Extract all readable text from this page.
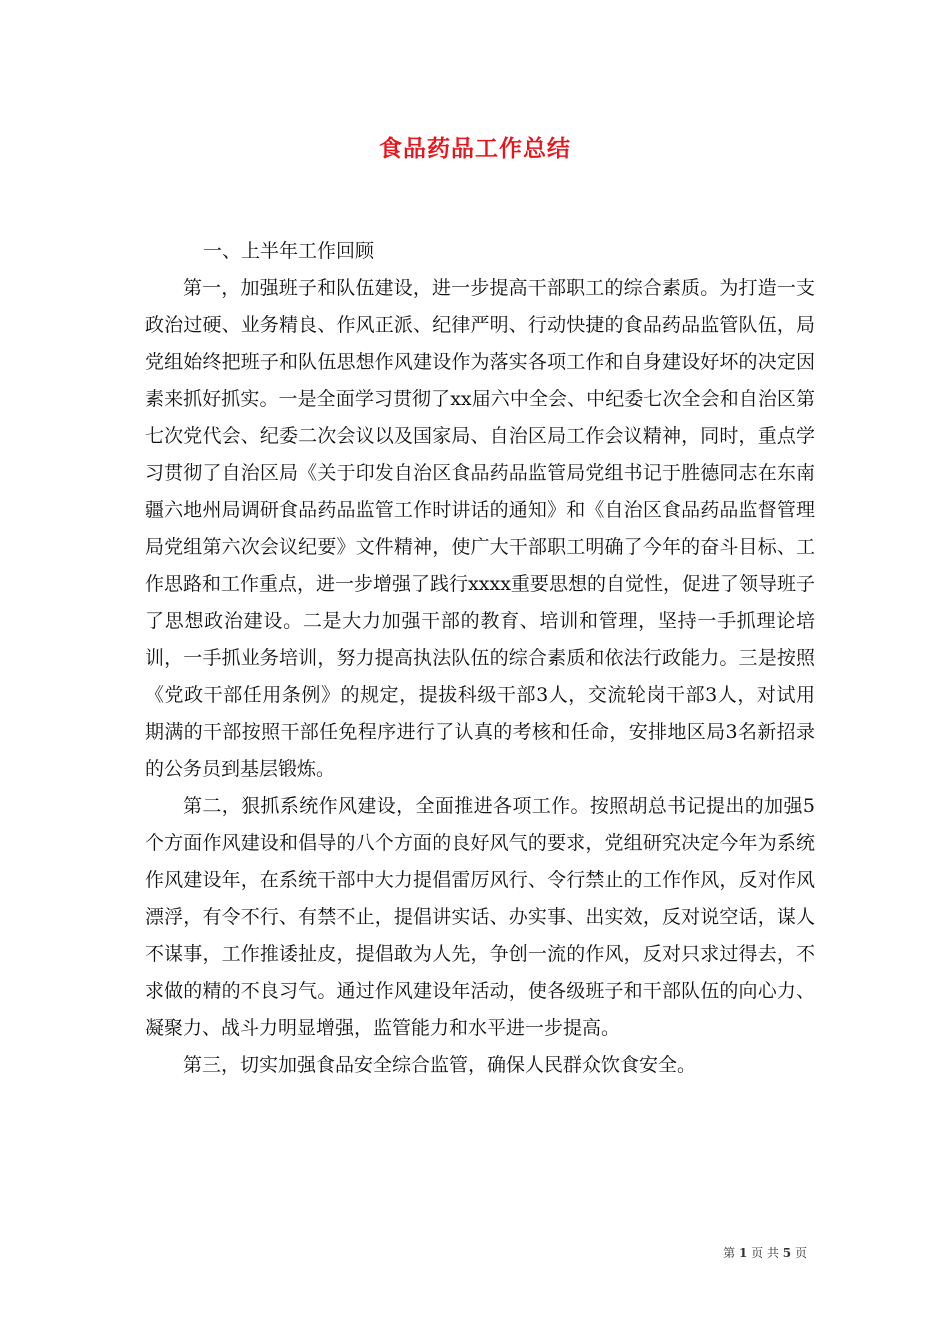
食品药品工作总结

一、上半年工作回顾

第一，加强班子和队伍建设，进一步提高干部职工的综合素质。为打造一支政治过硬、业务精良、作风正派、纪律严明、行动快捷的食品药品监管队伍，局党组始终把班子和队伍思想作风建设作为落实各项工作和自身建设好坏的决定因素来抓好抓实。一是全面学习贯彻了xx届六中全会、中纪委七次全会和自治区第七次党代会、纪委二次会议以及国家局、自治区局工作会议精神，同时，重点学习贯彻了自治区局《关于印发自治区食品药品监管局党组书记于胜德同志在东南疆六地州局调研食品药品监管工作时讲话的通知》和《自治区食品药品监督管理局党组第六次会议纪要》文件精神，使广大干部职工明确了今年的奋斗目标、工作思路和工作重点，进一步增强了践行xxxx重要思想的自觉性，促进了领导班子了思想政治建设。二是大力加强干部的教育、培训和管理，坚持一手抓理论培训，一手抓业务培训，努力提高执法队伍的综合素质和依法行政能力。三是按照《党政干部任用条例》的规定，提拔科级干部3人，交流轮岗干部3人，对试用期满的干部按照干部任免程序进行了认真的考核和任命，安排地区局3名新招录的公务员到基层锻炼。

第二，狠抓系统作风建设，全面推进各项工作。按照胡总书记提出的加强5个方面作风建设和倡导的八个方面的良好风气的要求，党组研究决定今年为系统作风建设年，在系统干部中大力提倡雷厉风行、令行禁止的工作作风，反对作风漂浮，有令不行、有禁不止，提倡讲实话、办实事、出实效，反对说空话，谋人不谋事，工作推诿扯皮，提倡敢为人先，争创一流的作风，反对只求过得去，不求做的精的不良习气。通过作风建设年活动，使各级班子和干部队伍的向心力、凝聚力、战斗力明显增强，监管能力和水平进一步提高。

第三，切实加强食品安全综合监管，确保人民群众饮食安全。

第 1 页 共 5 页
